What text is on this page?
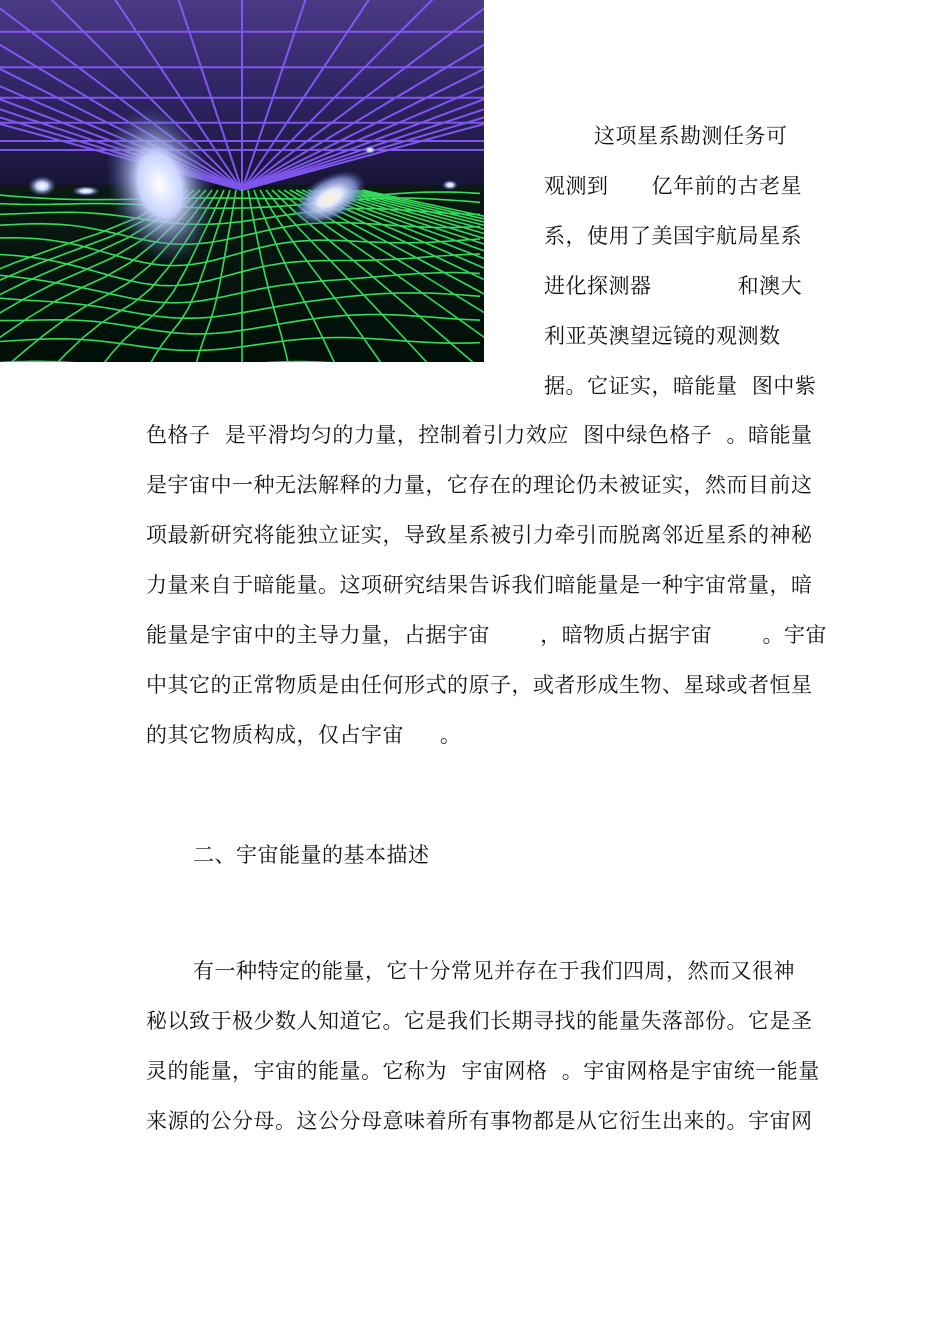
这项星系勘测任务可
观测到      亿年前的古老星
系，使用了美国宇航局星系
进化探测器            和澳大
利亚英澳望远镜的观测数
据。它证实，暗能量  图中紫
色格子  是平滑均匀的力量，控制着引力效应  图中绿色格子  。暗能量
是宇宙中一种无法解释的力量，它存在的理论仍未被证实，然而目前这
项最新研究将能独立证实，导致星系被引力牵引而脱离邻近星系的神秘
力量来自于暗能量。这项研究结果告诉我们暗能量是一种宇宙常量，暗
能量是宇宙中的主导力量，占据宇宙       ，暗物质占据宇宙       。宇宙
中其它的正常物质是由任何形式的原子，或者形成生物、星球或者恒星
的其它物质构成，仅占宇宙     。
二、宇宙能量的基本描述
有一种特定的能量，它十分常见并存在于我们四周，然而又很神
秘以致于极少数人知道它。它是我们长期寻找的能量失落部份。它是圣
灵的能量，宇宙的能量。它称为  宇宙网格  。宇宙网格是宇宙统一能量
来源的公分母。这公分母意味着所有事物都是从它衍生出来的。宇宙网
